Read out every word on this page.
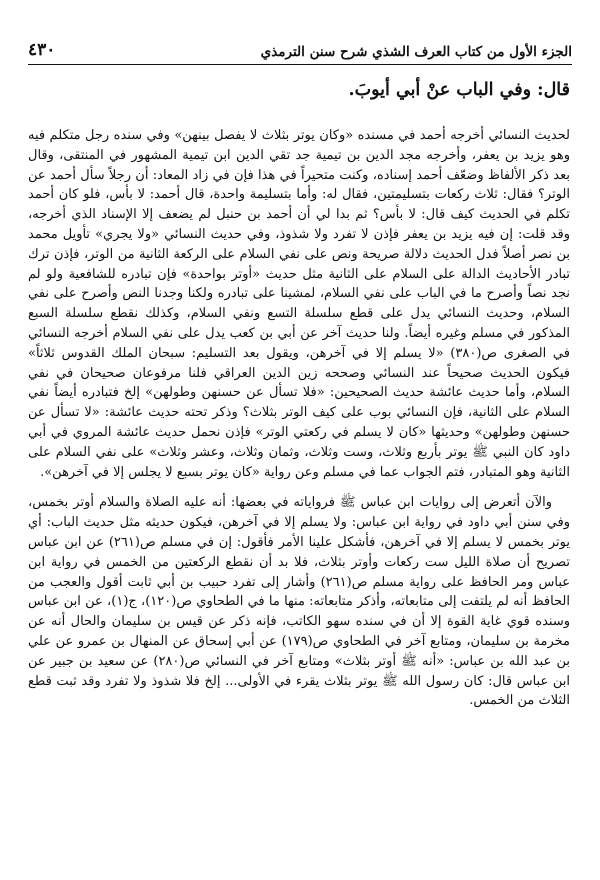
الجزء الأول من كتاب العرف الشذي شرح سنن الترمذي
٤٣٠
قال: وفي الباب عنْ أبي أيوبَ.

لحديث النسائي أخرجه أحمد في مسنده «وكان يوتر بثلاث لا يفصل بينهن» وفي سنده رجل متكلم فيه وهو يزيد بن يعفر، وأخرجه مجد الدين بن تيمية جد تقي الدين ابن تيمية المشهور في المنتقى، وقال بعد ذكر الألفاظ وضعّف أحمد إسناده، وكنت متحيراً في هذا فإن في زاد المعاد: أن رجلاً سأل أحمد عن الوتر؟ فقال: ثلاث ركعات بتسليمتين، فقال له: وأما بتسليمة واحدة، قال أحمد: لا بأس، فلو كان أحمد تكلم في الحديث كيف قال: لا بأس؟ ثم بدا لي أن أحمد بن حنبل لم يضعف إلا الإسناد الذي أخرجه، وقد قلت: إن فيه يزيد بن يعفر فإذن لا تفرد ولا شذوذ، وفي حديث النسائي «ولا يجري» تأويل محمد بن نصر أصلاً فدل الحديث دلالة صريحة ونص على نفي السلام على الركعة الثانية من الوتر، فإذن ترك تبادر الأحاديث الدالة على السلام على الثانية مثل حديث «أوتر بواحدة» فإن تبادره للشافعية ولو لم نجد نصاً وأصرح ما في الباب على نفي السلام، لمشينا على تبادره ولكنا وجدنا النص وأصرح على نفي السلام، وحديث النسائي يدل على قطع سلسلة التسع ونفي السلام، وكذلك نقطع سلسلة السبع المذكور في مسلم وغيره أيضاً. ولنا حديث آخر عن أبي بن كعب يدل على نفي السلام أخرجه النسائي في الصغرى ص(٣٨٠) «لا يسلم إلا في آخرهن، ويقول بعد التسليم: سبحان الملك القدوس ثلاثاً» فيكون الحديث صحيحاً عند النسائي وصححه زين الدين العراقي فلنا مرفوعان صحيحان في نفي السلام، وأما حديث عائشة حديث الصحيحين: «فلا تسأل عن حسنهن وطولهن» إلخ فتبادره أيضاً نفي السلام على الثانية، فإن النسائي بوب على كيف الوتر بثلاث؟ وذكر تحته حديث عائشة: «لا تسأل عن حسنهن وطولهن» وحديثها «كان لا يسلم في ركعتي الوتر» فإذن نحمل حديث عائشة المروي في أبي داود كان النبي ﷺ يوتر بأربع وثلاث، وست وثلاث، وثمان وثلاث، وعشر وثلاث» على نفي السلام على الثانية وهو المتبادر، فتم الجواب عما في مسلم وعن رواية «كان يوتر بسبع لا يجلس إلا في آخرهن».

والآن أتعرض إلى روايات ابن عباس ﷺ فرواياته في بعضها: أنه عليه الصلاة والسلام أوتر بخمس، وفي سنن أبي داود في رواية ابن عباس: ولا يسلم إلا في آخرهن، فيكون حديثه مثل حديث الباب: أي يوتر بخمس لا يسلم إلا في آخرهن، فأشكل علينا الأمر فأقول: إن في مسلم ص(٢٦١) عن ابن عباس تصريح أن صلاة الليل ست ركعات وأوتر بثلاث، فلا بد أن نقطع الركعتين من الخمس في رواية ابن عباس ومر الحافظ على رواية مسلم ص(٢٦١) وأشار إلى تفرد حبيب بن أبي ثابت أقول والعجب من الحافظ أنه لم يلتفت إلى متابعاته، وأذكر متابعاته: منها ما في الطحاوي ص(١٢٠)، ج(١)، عن ابن عباس وسنده قوي غاية القوة إلا أن في سنده سهو الكاتب، فإنه ذكر عن قيس بن سليمان والحال أنه عن مخرمة بن سليمان، ومتابع آخر في الطحاوي ص(١٧٩) عن أبي إسحاق عن المنهال بن عمرو عن علي بن عبد الله بن عباس: «أنه ﷺ أوتر بثلاث» ومتابع آخر في النسائي ص(٢٨٠) عن سعيد بن جبير عن ابن عباس قال: كان رسول الله ﷺ يوتر بثلاث يقرء في الأولى... إلخ فلا شذوذ ولا تفرد وقد ثبت قطع الثلاث من الخمس.
